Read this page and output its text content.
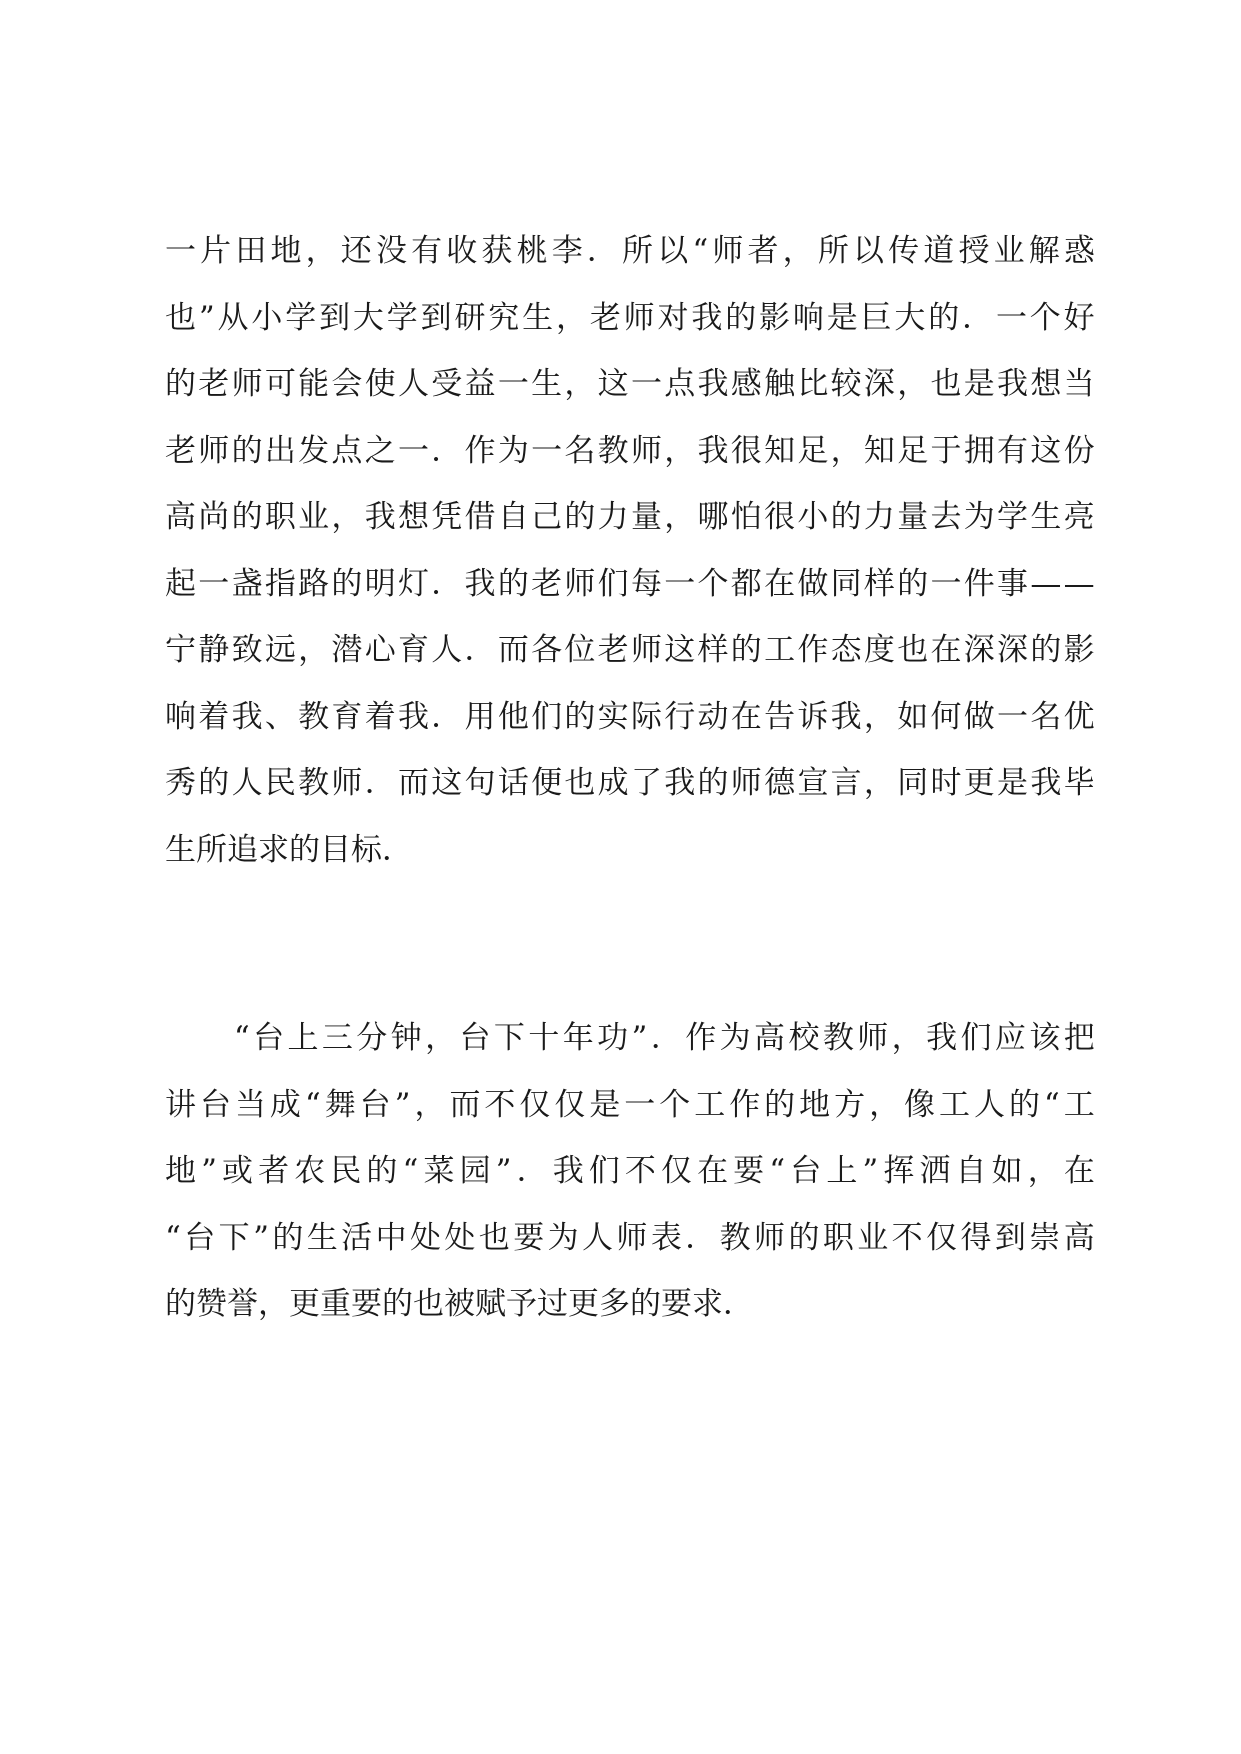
一 片 田 地 ， 还 没 有 收 获 桃 李 ． 所 以 “ 师 者 ， 所 以 传 道 授 业 解 惑
也 ” 从 小 学 到 大 学 到 研 究 生 ， 老 师 对 我 的 影 响 是 巨 大 的 ． 一 个 好
的 老 师 可 能 会 使 人 受 益 一 生 ， 这 一 点 我 感 触 比 较 深 ， 也 是 我 想 当
老 师 的 出 发 点 之 一 ． 作 为 一 名 教 师 ， 我 很 知 足 ， 知 足 于 拥 有 这 份
高 尚 的 职 业 ， 我 想 凭 借 自 己 的 力 量 ， 哪 怕 很 小 的 力 量 去 为 学 生 亮
起 一 盏 指 路 的 明 灯 ． 我 的 老 师 们 每 一 个 都 在 做 同 样 的 一 件 事 — —
宁 静 致 远 ， 潜 心 育 人 ． 而 各 位 老 师 这 样 的 工 作 态 度 也 在 深 深 的 影
响 着 我 、 教 育 着 我 ． 用 他 们 的 实 际 行 动 在 告 诉 我 ， 如 何 做 一 名 优
秀 的 人 民 教 师 ． 而 这 句 话 便 也 成 了 我 的 师 德 宣 言 ， 同 时 更 是 我 毕
生所追求的目标．

“ 台 上 三 分 钟 ， 台 下 十 年 功 ” ． 作 为 高 校 教 师 ， 我 们 应 该 把
讲 台 当 成 “ 舞 台 ” ， 而 不 仅 仅 是 一 个 工 作 的 地 方 ， 像 工 人 的 “ 工
地 ” 或 者 农 民 的 “ 菜 园 ” ． 我 们 不 仅 在 要 “ 台 上 ” 挥 洒 自 如 ， 在
“ 台 下 ” 的 生 活 中 处 处 也 要 为 人 师 表 ． 教 师 的 职 业 不 仅 得 到 崇 高
的赞誉，更重要的也被赋予过更多的要求．
